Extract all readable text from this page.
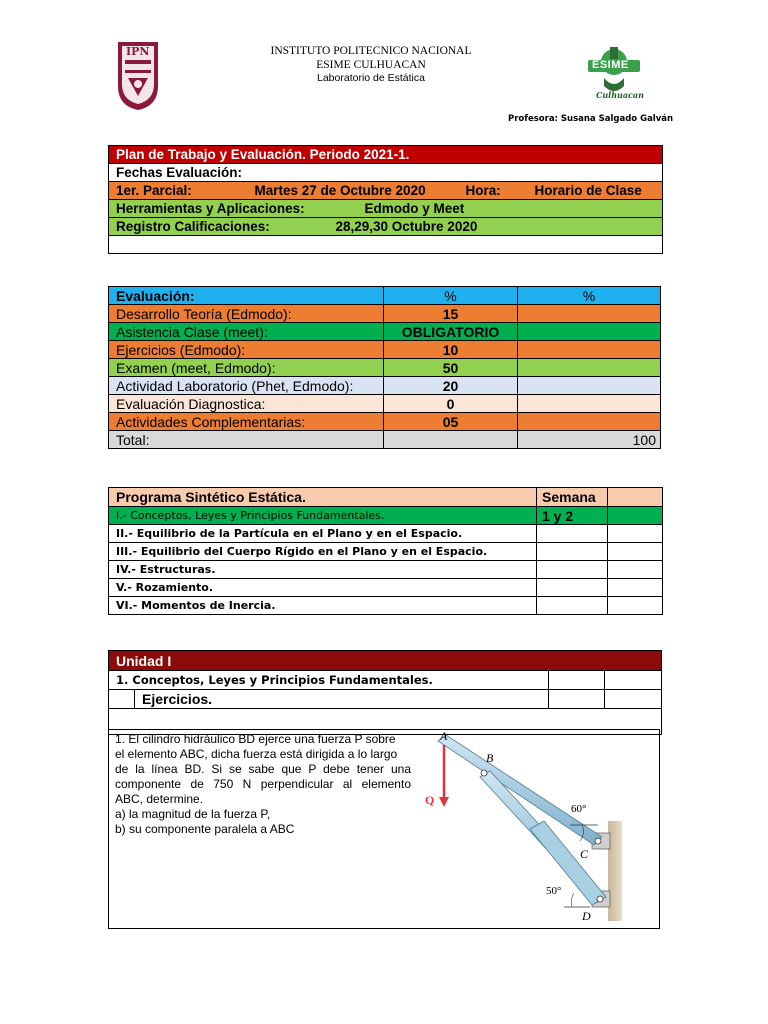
IPN	INSTITUTO POLITECNICO NACIONAL
ESIME CULHUACAN
Laboratorio de Estática
ESIME
Culhuacan
Profesora: Susana Salgado Galván
Plan de Trabajo y Evaluación. Periodo 2021-1.			
Fechas Evaluación:			
1er. Parcial:	Martes 27 de Octubre 2020	Hora:	Horario de Clase
Herramientas y Aplicaciones:		Edmodo y Meet	
Registro Calificaciones:		28,29,30 Octubre 2020	

Evaluación:	%	%
Desarrollo Teoría (Edmodo):	15	
Asistencia Clase (meet):	OBLIGATORIO	
Ejercicios (Edmodo):	10	
Examen (meet, Edmodo):	50	
Actividad Laboratorio (Phet, Edmodo):	20	
Evaluación Diagnostica:	0	
Actividades Complementarias:	05	
Total:		100
Programa Sintético Estática.	Semana	
I.- Conceptos, Leyes y Principios Fundamentales.	1 y 2	
II.- Equilibrio de la Partícula en el Plano y en el Espacio.		
III.- Equilibrio del Cuerpo Rígido en el Plano y en el Espacio.		
IV.- Estructuras.		
V.- Rozamiento.		
VI.- Momentos de Inercia.		
Unidad I			
1. Conceptos, Leyes y Principios Fundamentales.			
	Ejercicios.		

1. El cilindro hidráulico BD ejerce una fuerza P sobre
el elemento ABC, dicha fuerza está dirigida a lo largo
de la línea BD. Si se sabe que P debe tener una
componente de 750 N perpendicular al elemento
ABC, determine.
a) la magnitud de la fuerza P,
b) su componente paralela a ABC
A
B
C
D
Q
60°
50°
